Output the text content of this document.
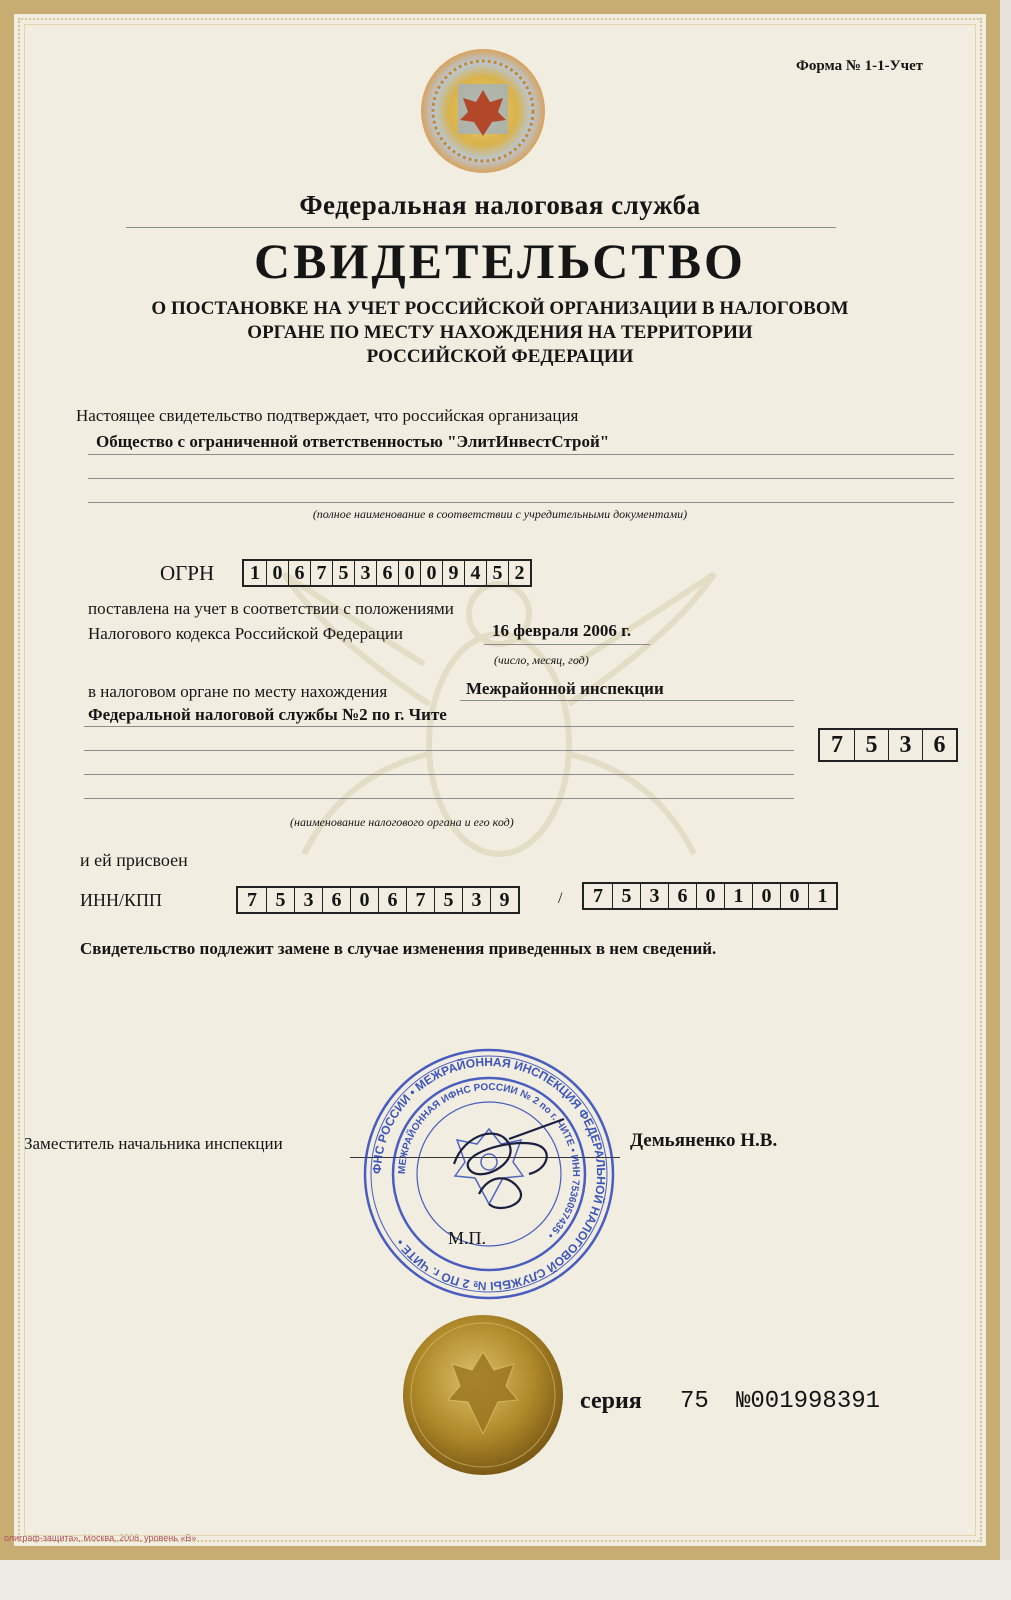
Форма № 1-1-Учет
Федеральная налоговая служба
СВИДЕТЕЛЬСТВО
О ПОСТАНОВКЕ НА УЧЕТ РОССИЙСКОЙ ОРГАНИЗАЦИИ В НАЛОГОВОМ
ОРГАНЕ ПО МЕСТУ НАХОЖДЕНИЯ НА ТЕРРИТОРИИ
РОССИЙСКОЙ ФЕДЕРАЦИИ
Настоящее свидетельство подтверждает, что российская организация
Общество с ограниченной ответственностью "ЭлитИнвестСтрой"
(полное наименование в соответствии с учредительными документами)
ОГРН	1 0 6 7 5 3 6 0 0 9 4 5 2
поставлена на учет в соответствии с положениями
Налогового кодекса Российской Федерации	16 февраля 2006 г.
(число, месяц, год)
в налоговом органе по месту нахождения	Межрайонной инспекции
Федеральной налоговой службы №2 по г. Чите
7 5 3 6
(наименование налогового органа и его код)
и ей присвоен
ИНН/КПП	7 5 3 6 0 6 7 5 3 9	/	7 5 3 6 0 1 0 0 1
Свидетельство подлежит замене в случае изменения приведенных в нем сведений.
Заместитель начальника инспекции
ФНС РОССИИ • МЕЖРАЙОННАЯ ИНСПЕКЦИЯ ФЕДЕРАЛЬНОЙ НАЛОГОВОЙ СЛУЖБЫ № 2 ПО г. ЧИТЕ •
МЕЖРАЙОННАЯ ИФНС РОССИИ № 2 по г. ЧИТЕ • ИНН 7536057435 •
Демьяненко Н.В.
М.П.
серия 75 №001998391
олиграф-защита», Москва, 2008, уровень «В»
